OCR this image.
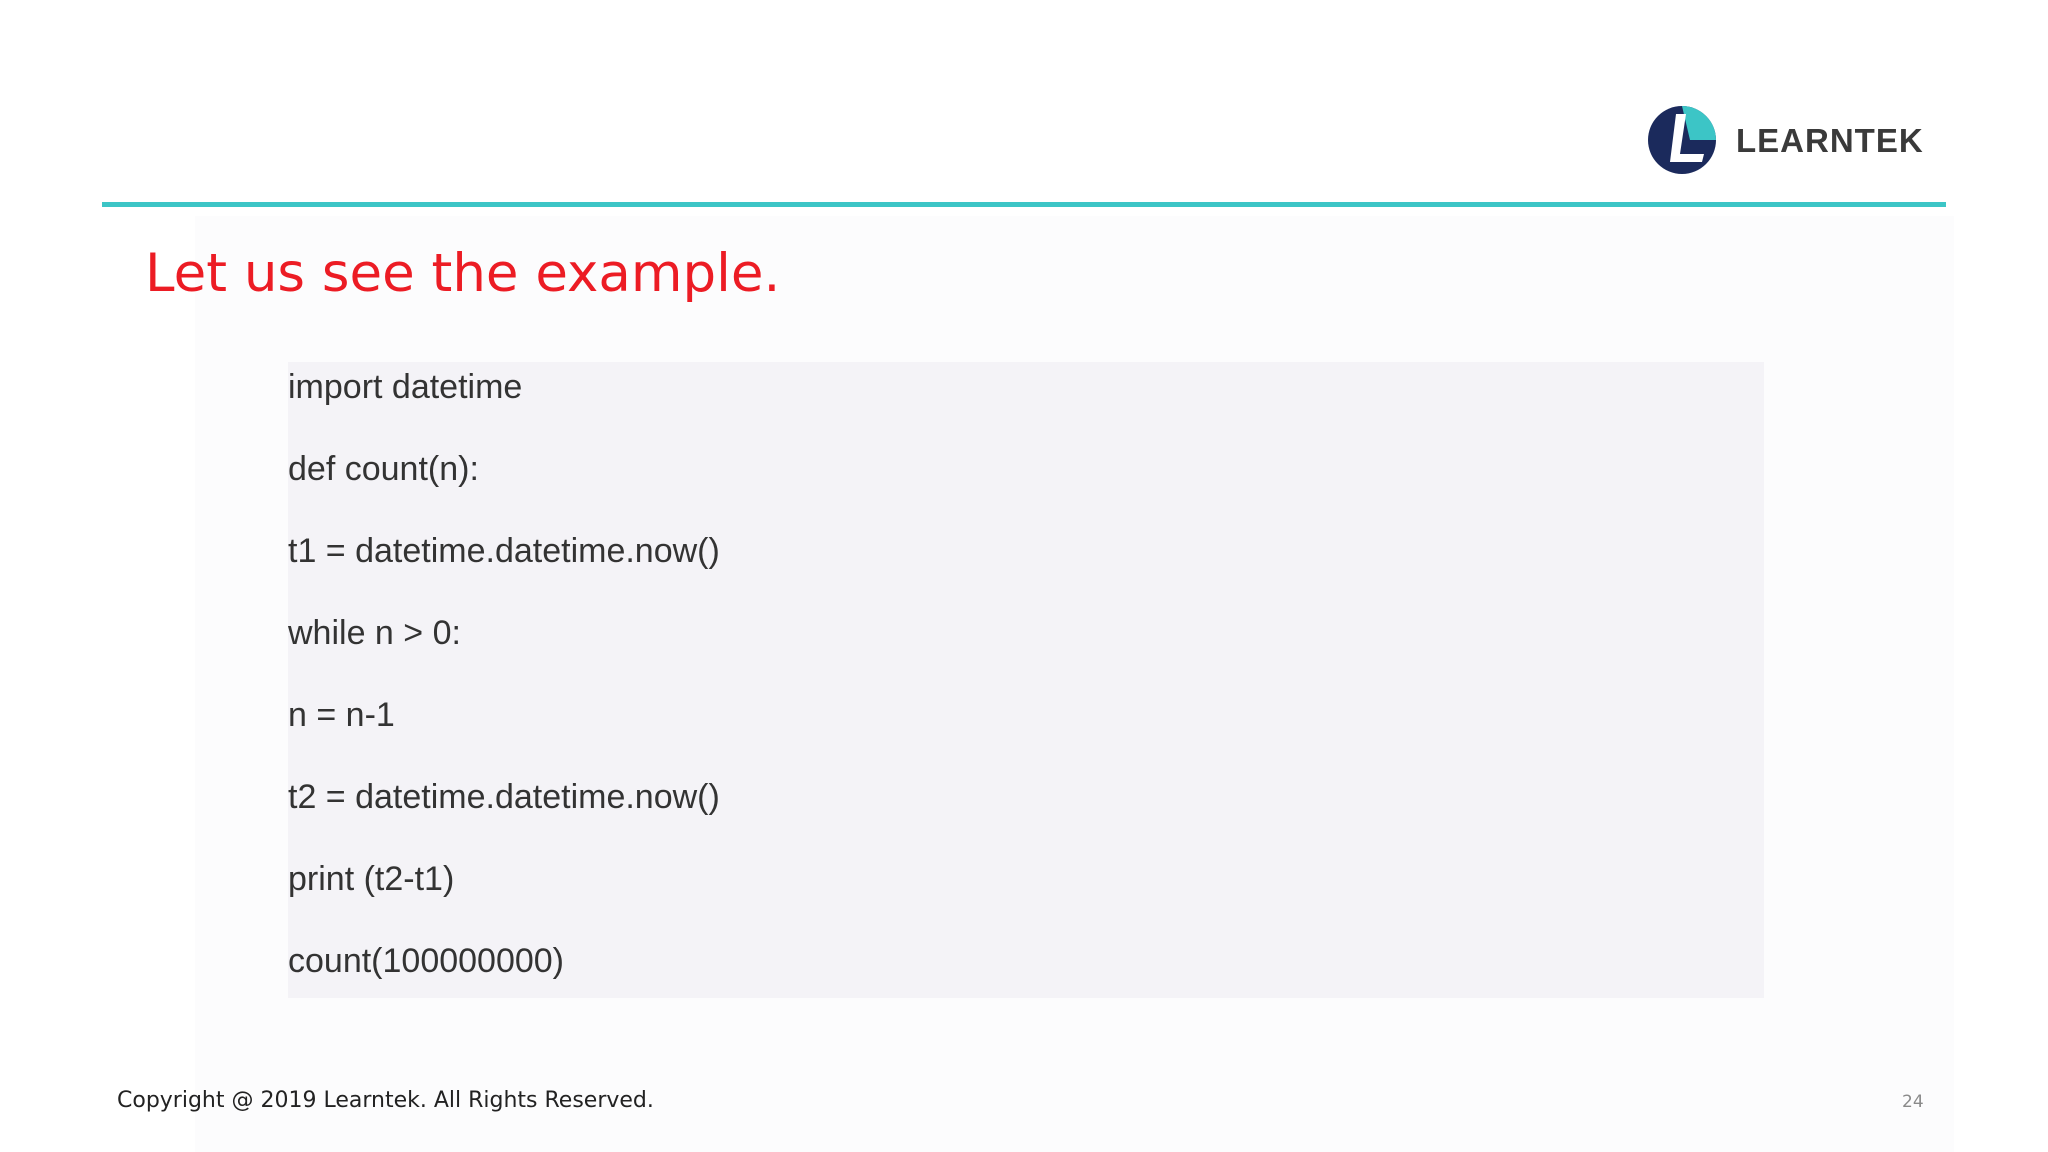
LEARNTEK
Let us see the example.
import datetime
def count(n):
t1 = datetime.datetime.now()
while n > 0:
n = n-1
t2 = datetime.datetime.now()
print (t2-t1)
count(100000000)
Copyright @ 2019 Learntek. All Rights Reserved.	24
